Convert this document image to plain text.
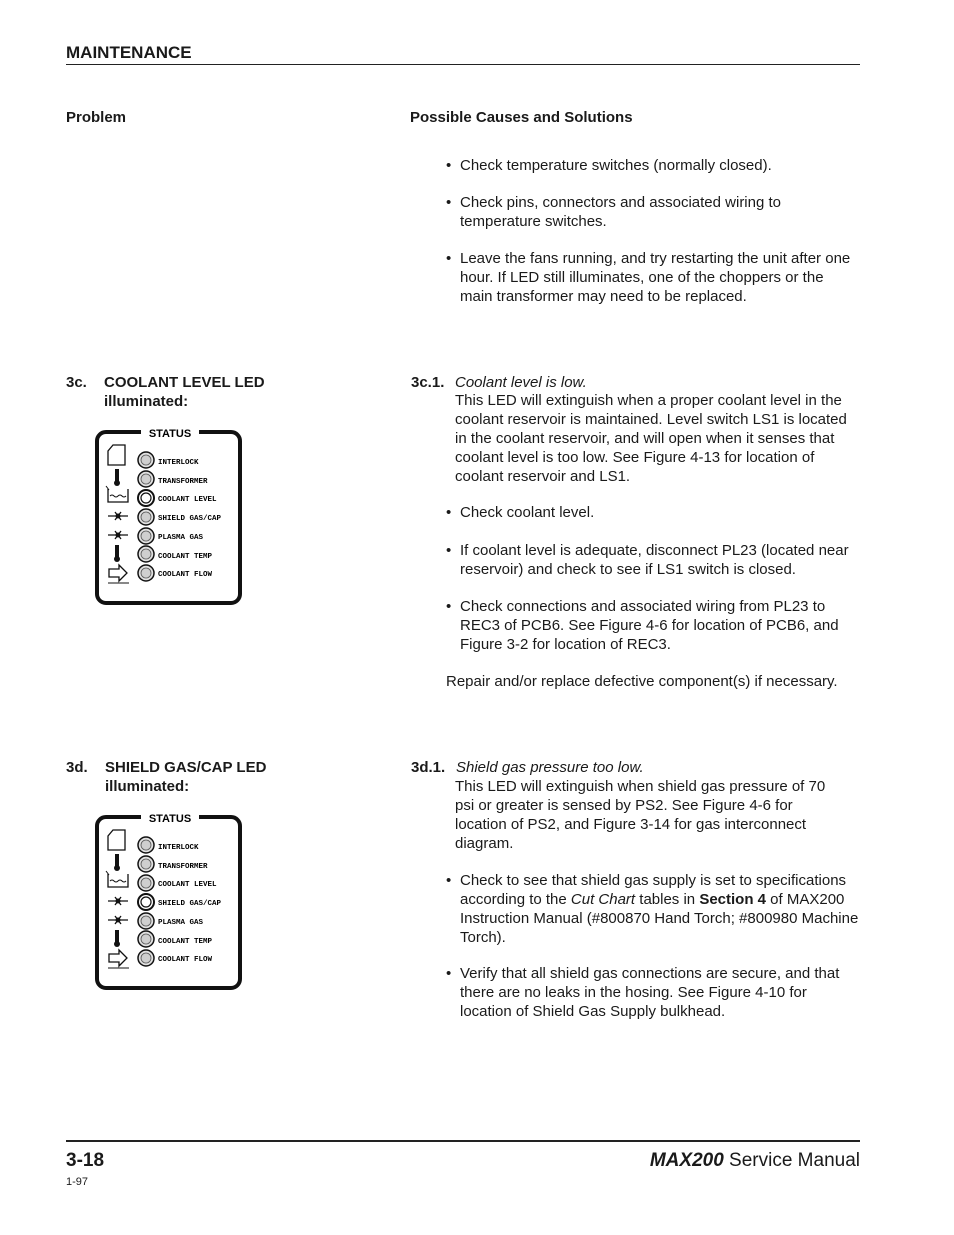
MAINTENANCE
Problem	Possible Causes and Solutions
• Check temperature switches (normally closed).
• Check pins, connectors and associated wiring to temperature switches.
• Leave the fans running, and try restarting the unit after one hour. If LED still illuminates, one of the choppers or the main transformer may need to be replaced.
3c. COOLANT LEVEL LED illuminated:
STATUS
INTERLOCK
TRANSFORMER
COOLANT LEVEL
SHIELD GAS/CAP
PLASMA GAS
COOLANT TEMP
COOLANT FLOW
3c.1. Coolant level is low.
This LED will extinguish when a proper coolant level in the coolant reservoir is maintained. Level switch LS1 is located in the coolant reservoir, and will open when it senses that coolant level is too low. See Figure 4-13 for location of coolant reservoir and LS1.
• Check coolant level.
• If coolant level is adequate, disconnect PL23 (located near reservoir) and check to see if LS1 switch is closed.
• Check connections and associated wiring from PL23 to REC3 of PCB6. See Figure 4-6 for location of PCB6, and Figure 3-2 for location of REC3.
Repair and/or replace defective component(s) if necessary.
3d. SHIELD GAS/CAP LED illuminated:
STATUS
INTERLOCK
TRANSFORMER
COOLANT LEVEL
SHIELD GAS/CAP
PLASMA GAS
COOLANT TEMP
COOLANT FLOW
3d.1. Shield gas pressure too low.
This LED will extinguish when shield gas pressure of 70 psi or greater is sensed by PS2. See Figure 4-6 for location of PS2, and Figure 3-14 for gas interconnect diagram.
• Check to see that shield gas supply is set to specifications according to the Cut Chart tables in Section 4 of MAX200 Instruction Manual (#800870 Hand Torch; #800980 Machine Torch).
• Verify that all shield gas connections are secure, and that there are no leaks in the hosing. See Figure 4-10 for location of Shield Gas Supply bulkhead.
3-18
1-97
MAX200 Service Manual
